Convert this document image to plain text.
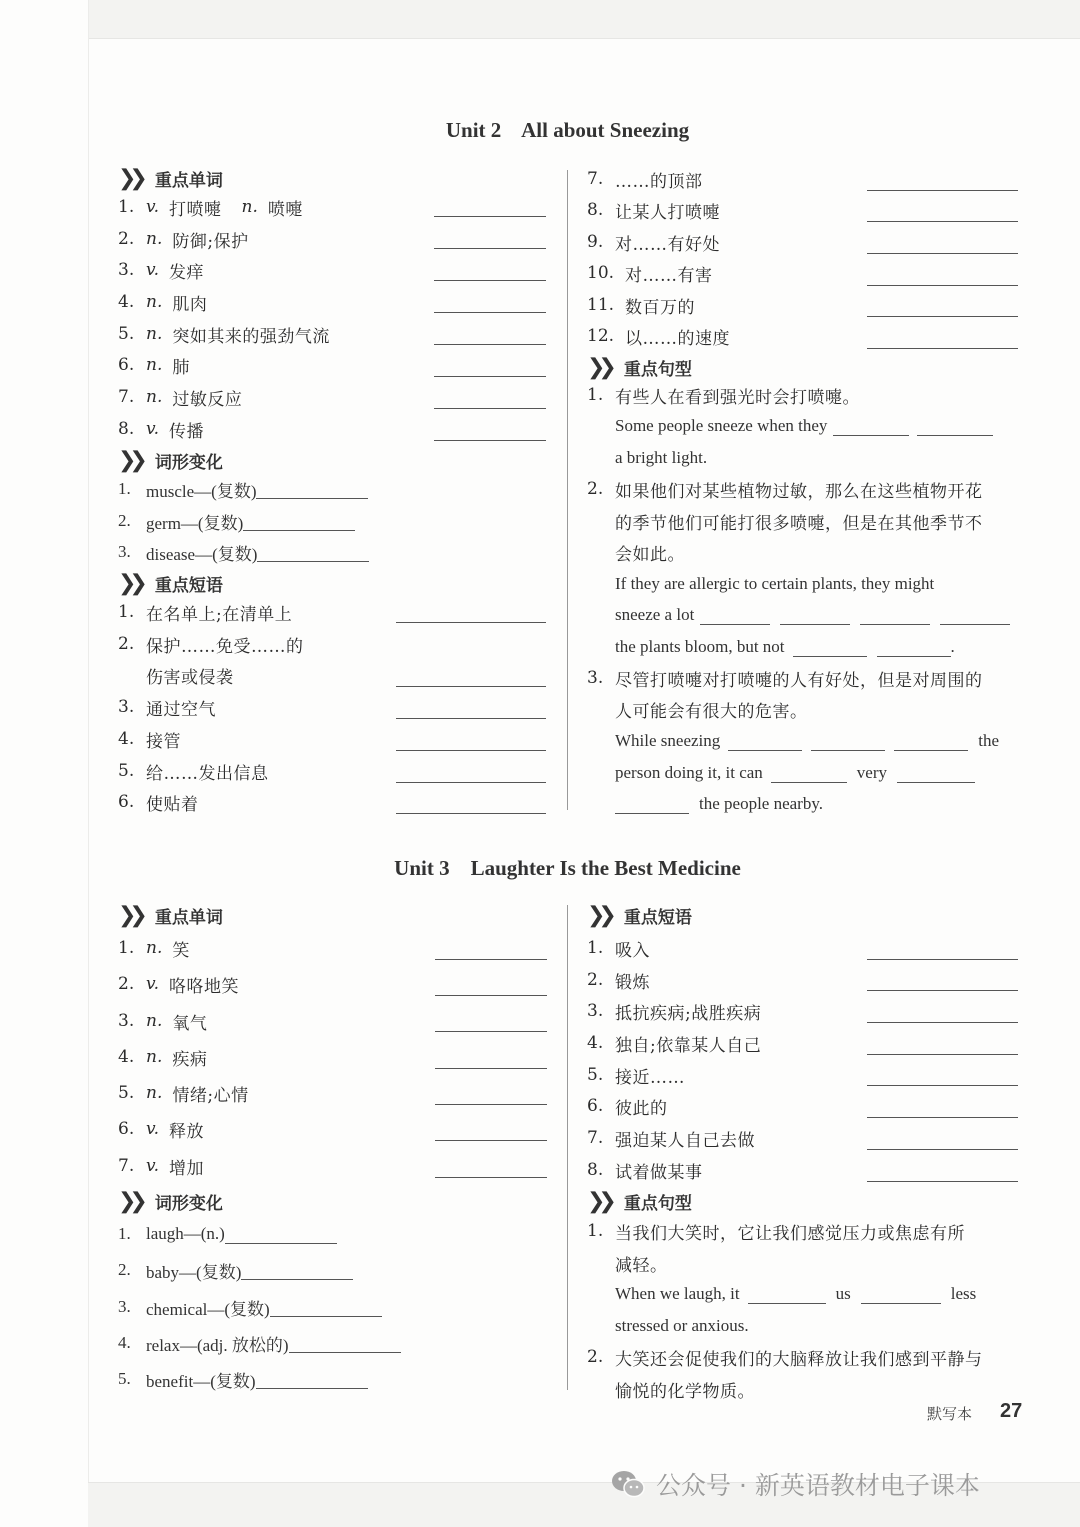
Unit 2    All about Sneezing
❯❯ 重点单词
1. v. 打喷嚏 n. 喷嚏
2. n. 防御;保护
3. v. 发痒
4. n. 肌肉
5. n. 突如其来的强劲气流
6. n. 肺
7. n. 过敏反应
8. v. 传播
❯❯ 词形变化
1. muscle—(复数)
2. germ—(复数)
3. disease—(复数)
❯❯ 重点短语
1. 在名单上;在清单上
2. 保护……免受……的
伤害或侵袭
3. 通过空气
4. 接管
5. 给……发出信息
6. 使贴着
7. ……的顶部
8. 让某人打喷嚏
9. 对……有好处
10. 对……有害
11. 数百万的
12. 以……的速度
❯❯ 重点句型
1. 有些人在看到强光时会打喷嚏。
Some people sneeze when they
a bright light.
2. 如果他们对某些植物过敏，那么在这些植物开花
的季节他们可能打很多喷嚏，但是在其他季节不
会如此。
If they are allergic to certain plants, they might
sneeze a lot
the plants bloom, but not	.
3. 尽管打喷嚏对打喷嚏的人有好处，但是对周围的
人可能会有很大的危害。
While sneezing	the
person doing it, it can	very
the people nearby.
Unit 3    Laughter Is the Best Medicine
❯❯ 重点单词
1. n. 笑
2. v. 咯咯地笑
3. n. 氧气
4. n. 疾病
5. n. 情绪;心情
6. v. 释放
7. v. 增加
❯❯ 词形变化
1. laugh—(n.)
2. baby—(复数)
3. chemical—(复数)
4. relax—(adj. 放松的)
5. benefit—(复数)
❯❯ 重点短语
1. 吸入
2. 锻炼
3. 抵抗疾病;战胜疾病
4. 独自;依靠某人自己
5. 接近……
6. 彼此的
7. 强迫某人自己去做
8. 试着做某事
❯❯ 重点句型
1. 当我们大笑时，它让我们感觉压力或焦虑有所
减轻。
When we laugh, it	us	less
stressed or anxious.
2. 大笑还会促使我们的大脑释放让我们感到平静与
愉悦的化学物质。
默写本 27
公众号 · 新英语教材电子课本
